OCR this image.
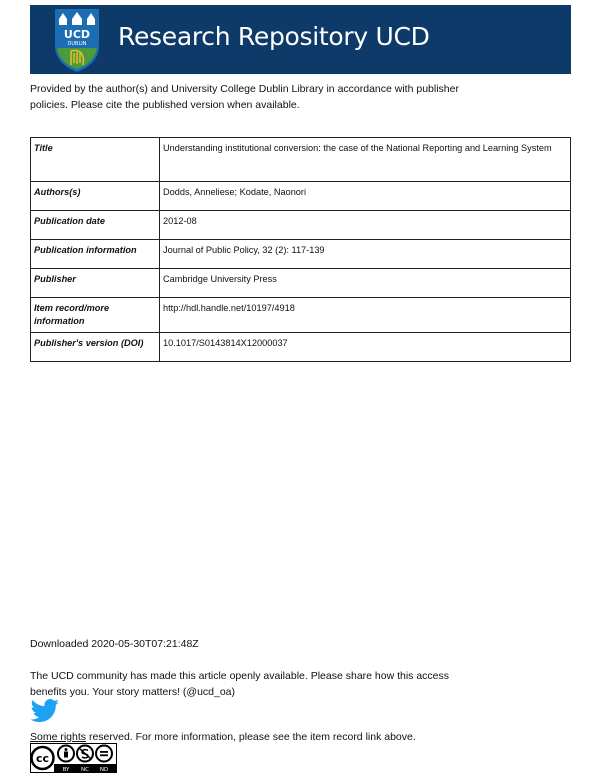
UCD
DUBLIN Research Repository UCD
Provided by the author(s) and University College Dublin Library in accordance with publisher
policies. Please cite the published version when available.
Title	Understanding institutional conversion: the case of the National Reporting and Learning System
Authors(s)	Dodds, Anneliese; Kodate, Naonori
Publication date	2012-08
Publication information	Journal of Public Policy, 32 (2): 117-139
Publisher	Cambridge University Press
Item record/more information	http://hdl.handle.net/10197/4918
Publisher's version (DOI)	10.1017/S0143814X12000037
Downloaded 2020-05-30T07:21:48Z
The UCD community has made this article openly available. Please share how this access
benefits you. Your story matters! (@ucd_oa)
Some rights reserved. For more information, please see the item record link above.
cc
BY NC ND
